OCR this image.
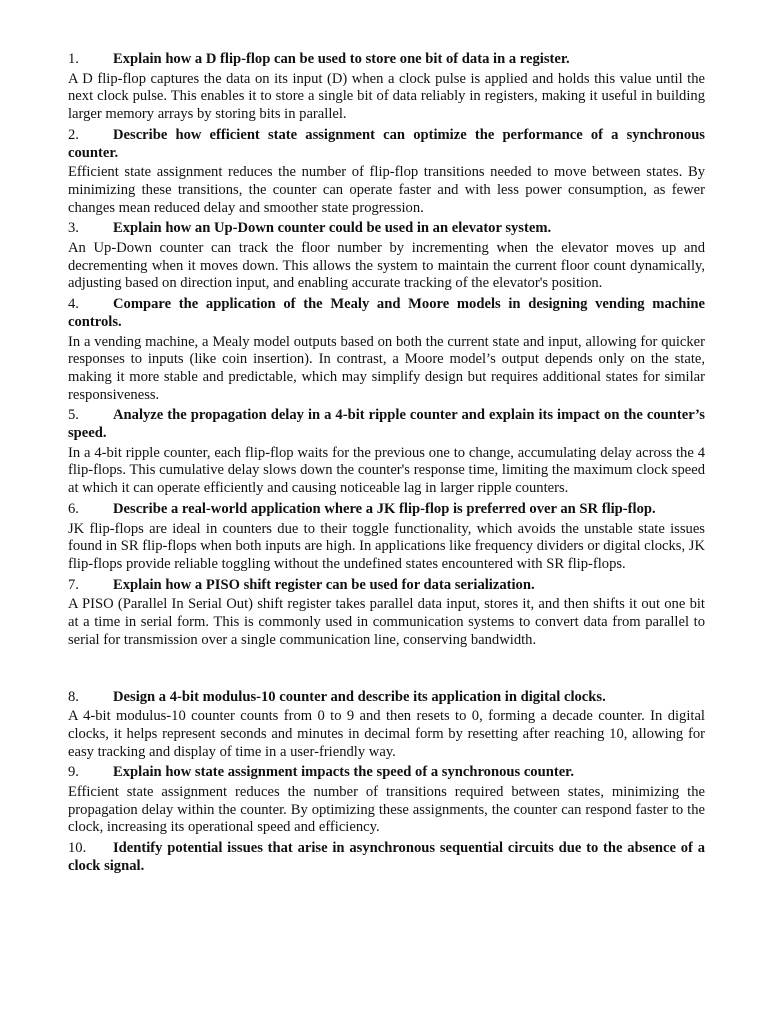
1. Explain how a D flip-flop can be used to store one bit of data in a register.

A D flip-flop captures the data on its input (D) when a clock pulse is applied and holds this value until the next clock pulse. This enables it to store a single bit of data reliably in registers, making it useful in building larger memory arrays by storing bits in parallel.

2. Describe how efficient state assignment can optimize the performance of a synchronous counter.

Efficient state assignment reduces the number of flip-flop transitions needed to move between states. By minimizing these transitions, the counter can operate faster and with less power consumption, as fewer changes mean reduced delay and smoother state progression.

3. Explain how an Up-Down counter could be used in an elevator system.

An Up-Down counter can track the floor number by incrementing when the elevator moves up and decrementing when it moves down. This allows the system to maintain the current floor count dynamically, adjusting based on direction input, and enabling accurate tracking of the elevator's position.

4. Compare the application of the Mealy and Moore models in designing vending machine controls.

In a vending machine, a Mealy model outputs based on both the current state and input, allowing for quicker responses to inputs (like coin insertion). In contrast, a Moore model’s output depends only on the state, making it more stable and predictable, which may simplify design but requires additional states for similar responsiveness.

5. Analyze the propagation delay in a 4-bit ripple counter and explain its impact on the counter’s speed.

In a 4-bit ripple counter, each flip-flop waits for the previous one to change, accumulating delay across the 4 flip-flops. This cumulative delay slows down the counter's response time, limiting the maximum clock speed at which it can operate efficiently and causing noticeable lag in larger ripple counters.

6. Describe a real-world application where a JK flip-flop is preferred over an SR flip-flop.

JK flip-flops are ideal in counters due to their toggle functionality, which avoids the unstable state issues found in SR flip-flops when both inputs are high. In applications like frequency dividers or digital clocks, JK flip-flops provide reliable toggling without the undefined states encountered with SR flip-flops.

7. Explain how a PISO shift register can be used for data serialization.

A PISO (Parallel In Serial Out) shift register takes parallel data input, stores it, and then shifts it out one bit at a time in serial form. This is commonly used in communication systems to convert data from parallel to serial for transmission over a single communication line, conserving bandwidth.

8. Design a 4-bit modulus-10 counter and describe its application in digital clocks.

A 4-bit modulus-10 counter counts from 0 to 9 and then resets to 0, forming a decade counter. In digital clocks, it helps represent seconds and minutes in decimal form by resetting after reaching 10, allowing for easy tracking and display of time in a user-friendly way.

9. Explain how state assignment impacts the speed of a synchronous counter.

Efficient state assignment reduces the number of transitions required between states, minimizing the propagation delay within the counter. By optimizing these assignments, the counter can respond faster to the clock, increasing its operational speed and efficiency.

10. Identify potential issues that arise in asynchronous sequential circuits due to the absence of a clock signal.
